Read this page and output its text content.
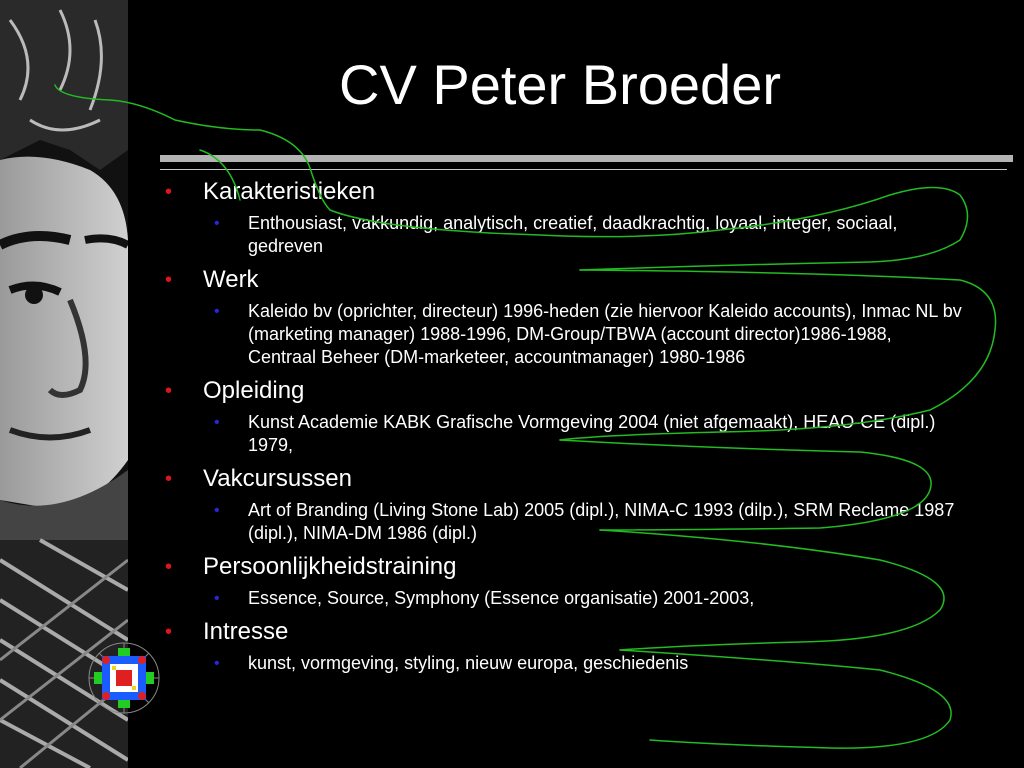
CV Peter Broeder
• Karakteristieken
• Enthousiast, vakkundig, analytisch, creatief, daadkrachtig, loyaal, integer, sociaal, gedreven
• Werk
• Kaleido bv (oprichter, directeur) 1996-heden (zie hiervoor Kaleido accounts), Inmac NL bv (marketing manager) 1988-1996, DM-Group/TBWA (account director)1986-1988, Centraal Beheer (DM-marketeer, accountmanager) 1980-1986
• Opleiding
• Kunst Academie KABK Grafische Vormgeving 2004 (niet afgemaakt), HEAO-CE (dipl.) 1979,
• Vakcursussen
• Art of Branding (Living Stone Lab) 2005 (dipl.), NIMA-C 1993 (dilp.), SRM Reclame 1987 (dipl.), NIMA-DM 1986 (dipl.)
• Persoonlijkheidstraining
• Essence, Source, Symphony (Essence organisatie) 2001-2003,
• Intresse
• kunst, vormgeving, styling, nieuw europa, geschiedenis
